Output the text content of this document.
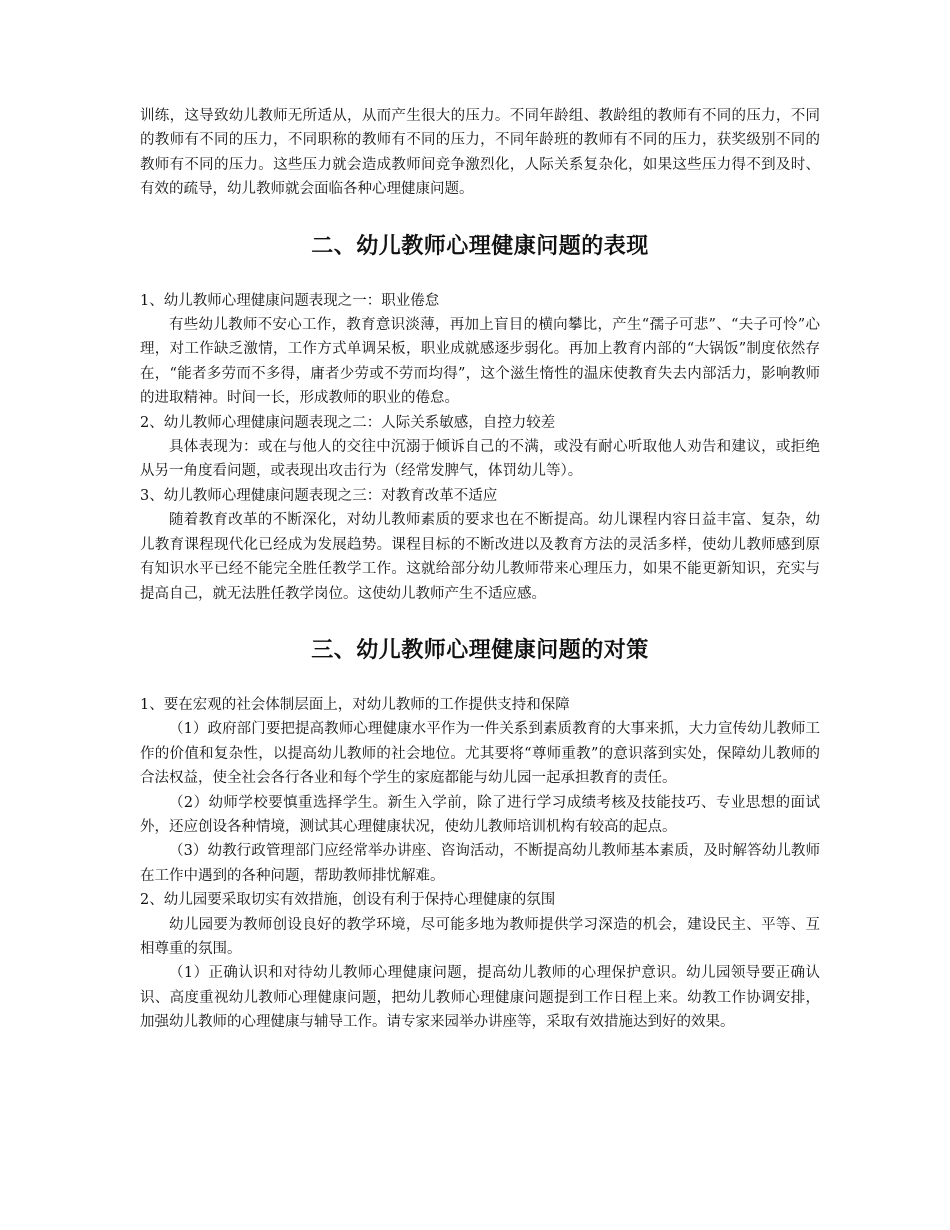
训练，这导致幼儿教师无所适从，从而产生很大的压力。不同年龄组、教龄组的教师有不同的压力，不同的教师有不同的压力，不同职称的教师有不同的压力，不同年龄班的教师有不同的压力，获奖级别不同的教师有不同的压力。这些压力就会造成教师间竞争激烈化，人际关系复杂化，如果这些压力得不到及时、有效的疏导，幼儿教师就会面临各种心理健康问题。

二、幼儿教师心理健康问题的表现

1、幼儿教师心理健康问题表现之一：职业倦怠

有些幼儿教师不安心工作，教育意识淡薄，再加上盲目的横向攀比，产生“孺子可悲”、“夫子可怜”心理，对工作缺乏激情，工作方式单调呆板，职业成就感逐步弱化。再加上教育内部的“大锅饭”制度依然存在，“能者多劳而不多得，庸者少劳或不劳而均得”，这个滋生惰性的温床使教育失去内部活力，影响教师的进取精神。时间一长，形成教师的职业的倦怠。

2、幼儿教师心理健康问题表现之二：人际关系敏感，自控力较差

具体表现为：或在与他人的交往中沉溺于倾诉自己的不满，或没有耐心听取他人劝告和建议，或拒绝从另一角度看问题，或表现出攻击行为（经常发脾气，体罚幼儿等）。

3、幼儿教师心理健康问题表现之三：对教育改革不适应

随着教育改革的不断深化，对幼儿教师素质的要求也在不断提高。幼儿课程内容日益丰富、复杂，幼儿教育课程现代化已经成为发展趋势。课程目标的不断改进以及教育方法的灵活多样，使幼儿教师感到原有知识水平已经不能完全胜任教学工作。这就给部分幼儿教师带来心理压力，如果不能更新知识，充实与提高自己，就无法胜任教学岗位。这使幼儿教师产生不适应感。

三、幼儿教师心理健康问题的对策

1、要在宏观的社会体制层面上，对幼儿教师的工作提供支持和保障

（1）政府部门要把提高教师心理健康水平作为一件关系到素质教育的大事来抓，大力宣传幼儿教师工作的价值和复杂性，以提高幼儿教师的社会地位。尤其要将“尊师重教”的意识落到实处，保障幼儿教师的合法权益，使全社会各行各业和每个学生的家庭都能与幼儿园一起承担教育的责任。

（2）幼师学校要慎重选择学生。新生入学前，除了进行学习成绩考核及技能技巧、专业思想的面试外，还应创设各种情境，测试其心理健康状况，使幼儿教师培训机构有较高的起点。

（3）幼教行政管理部门应经常举办讲座、咨询活动，不断提高幼儿教师基本素质，及时解答幼儿教师在工作中遇到的各种问题，帮助教师排忧解难。

2、幼儿园要采取切实有效措施，创设有利于保持心理健康的氛围

幼儿园要为教师创设良好的教学环境，尽可能多地为教师提供学习深造的机会，建设民主、平等、互相尊重的氛围。

（1）正确认识和对待幼儿教师心理健康问题，提高幼儿教师的心理保护意识。幼儿园领导要正确认识、高度重视幼儿教师心理健康问题，把幼儿教师心理健康问题提到工作日程上来。幼教工作协调安排，加强幼儿教师的心理健康与辅导工作。请专家来园举办讲座等，采取有效措施达到好的效果。
